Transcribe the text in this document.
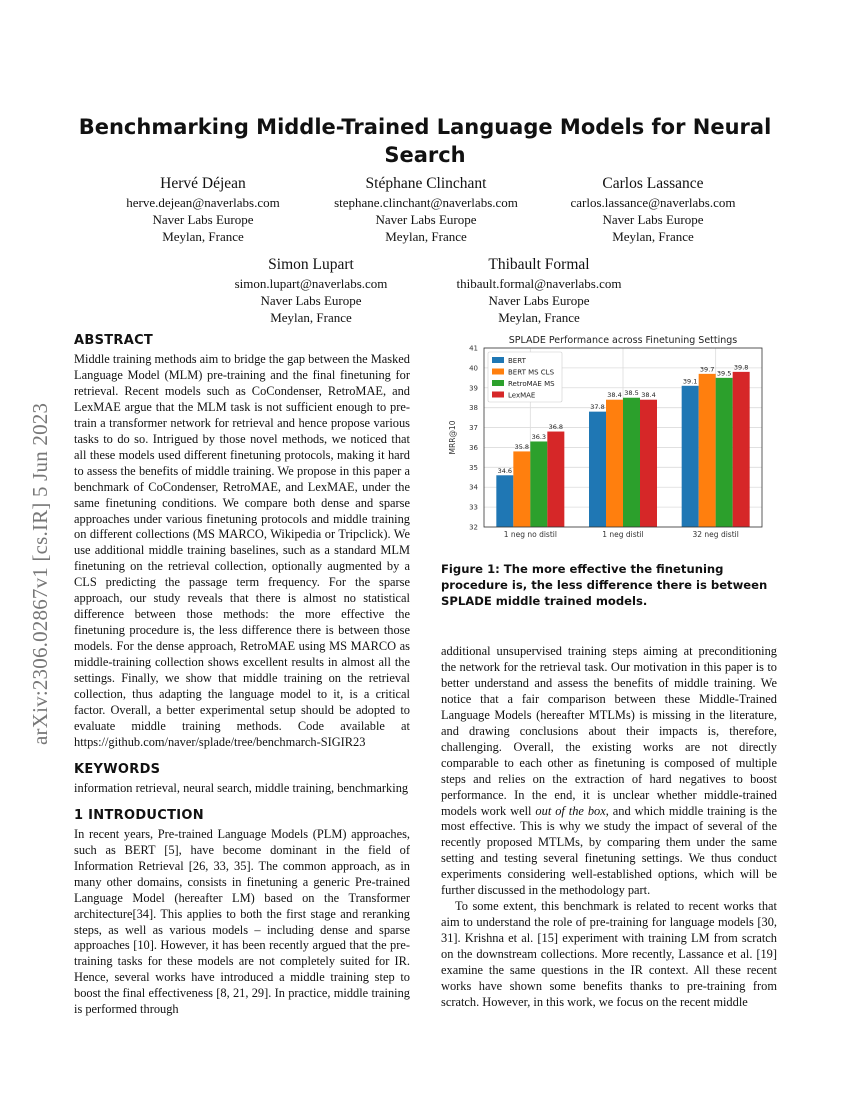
arXiv:2306.02867v1 [cs.IR] 5 Jun 2023
Benchmarking Middle-Trained Language Models for Neural Search
Hervé Déjean
herve.dejean@naverlabs.com
Naver Labs Europe
Meylan, France
Stéphane Clinchant
stephane.clinchant@naverlabs.com
Naver Labs Europe
Meylan, France
Carlos Lassance
carlos.lassance@naverlabs.com
Naver Labs Europe
Meylan, France
Simon Lupart
simon.lupart@naverlabs.com
Naver Labs Europe
Meylan, France
Thibault Formal
thibault.formal@naverlabs.com
Naver Labs Europe
Meylan, France
ABSTRACT

Middle training methods aim to bridge the gap between the Masked Language Model (MLM) pre-training and the final finetuning for retrieval. Recent models such as CoCondenser, RetroMAE, and LexMAE argue that the MLM task is not sufficient enough to pre-train a transformer network for retrieval and hence propose various tasks to do so. Intrigued by those novel methods, we noticed that all these models used different finetuning protocols, making it hard to assess the benefits of middle training. We propose in this paper a benchmark of CoCondenser, RetroMAE, and LexMAE, under the same finetuning conditions. We compare both dense and sparse approaches under various finetuning protocols and middle training on different collections (MS MARCO, Wikipedia or Tripclick). We use additional middle training baselines, such as a standard MLM finetuning on the retrieval collection, optionally augmented by a CLS predicting the passage term frequency. For the sparse approach, our study reveals that there is almost no statistical difference between those methods: the more effective the finetuning procedure is, the less difference there is between those models. For the dense approach, RetroMAE using MS MARCO as middle-training collection shows excellent results in almost all the settings. Finally, we show that middle training on the retrieval collection, thus adapting the language model to it, is a critical factor. Overall, a better experimental setup should be adopted to evaluate middle training methods. Code available at https://github.com/naver/splade/tree/benchmarch-SIGIR23

KEYWORDS

information retrieval, neural search, middle training, benchmarking

1 INTRODUCTION

In recent years, Pre-trained Language Models (PLM) approaches, such as BERT [5], have become dominant in the field of Information Retrieval [26, 33, 35]. The common approach, as in many other domains, consists in finetuning a generic Pre-trained Language Model (hereafter LM) based on the Transformer architecture[34]. This applies to both the first stage and reranking steps, as well as various models – including dense and sparse approaches [10]. However, it has been recently argued that the pre-training tasks for these models are not completely suited for IR. Hence, several works have introduced a middle training step to boost the final effectiveness [8, 21, 29]. In practice, middle training is performed through

SPLADE Performance across Finetuning Settings
32
33
34
35
36
37
38
39
40
41
1 neg no distil
34.6
35.8
36.3
36.8
1 neg distil
37.8
38.4 38.5 38.4
32 neg distil
39.1
39.7 39.5
39.8
MRR@10
BERT
BERT MS CLS
RetroMAE MS
LexMAE

Figure 1: The more effective the finetuning procedure is, the less difference there is between SPLADE middle trained models.

additional unsupervised training steps aiming at preconditioning the network for the retrieval task. Our motivation in this paper is to better understand and assess the benefits of middle training. We notice that a fair comparison between these Middle-Trained Language Models (hereafter MTLMs) is missing in the literature, and drawing conclusions about their impacts is, therefore, challenging. Overall, the existing works are not directly comparable to each other as finetuning is composed of multiple steps and relies on the extraction of hard negatives to boost performance. In the end, it is unclear whether middle-trained models work well out of the box, and which middle training is the most effective. This is why we study the impact of several of the recently proposed MTLMs, by comparing them under the same setting and testing several finetuning settings. We thus conduct experiments considering well-established options, which will be further discussed in the methodology part.

To some extent, this benchmark is related to recent works that aim to understand the role of pre-training for language models [30, 31]. Krishna et al. [15] experiment with training LM from scratch on the downstream collections. More recently, Lassance et al. [19] examine the same questions in the IR context. All these recent works have shown some benefits thanks to pre-training from scratch. However, in this work, we focus on the recent middle
